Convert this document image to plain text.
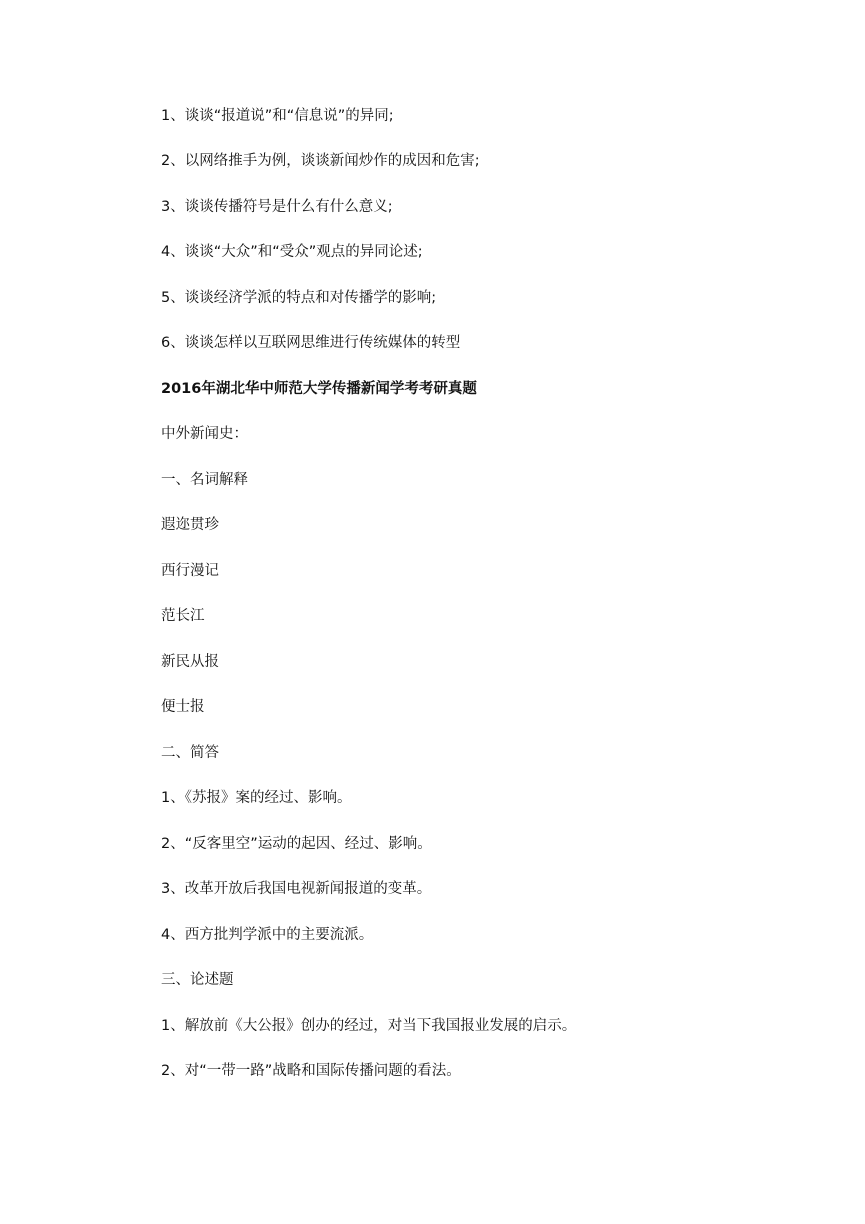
1、谈谈“报道说”和“信息说”的异同;
2、以网络推手为例，谈谈新闻炒作的成因和危害;
3、谈谈传播符号是什么有什么意义;
4、谈谈“大众”和“受众”观点的异同论述;
5、谈谈经济学派的特点和对传播学的影响;
6、谈谈怎样以互联网思维进行传统媒体的转型
2016年湖北华中师范大学传播新闻学考考研真题
中外新闻史：
一、名词解释
遐迩贯珍
西行漫记
范长江
新民从报
便士报
二、简答
1、《苏报》案的经过、影响。
2、“反客里空”运动的起因、经过、影响。
3、改革开放后我国电视新闻报道的变革。
4、西方批判学派中的主要流派。
三、论述题
1、解放前《大公报》创办的经过，对当下我国报业发展的启示。
2、对“一带一路”战略和国际传播问题的看法。
